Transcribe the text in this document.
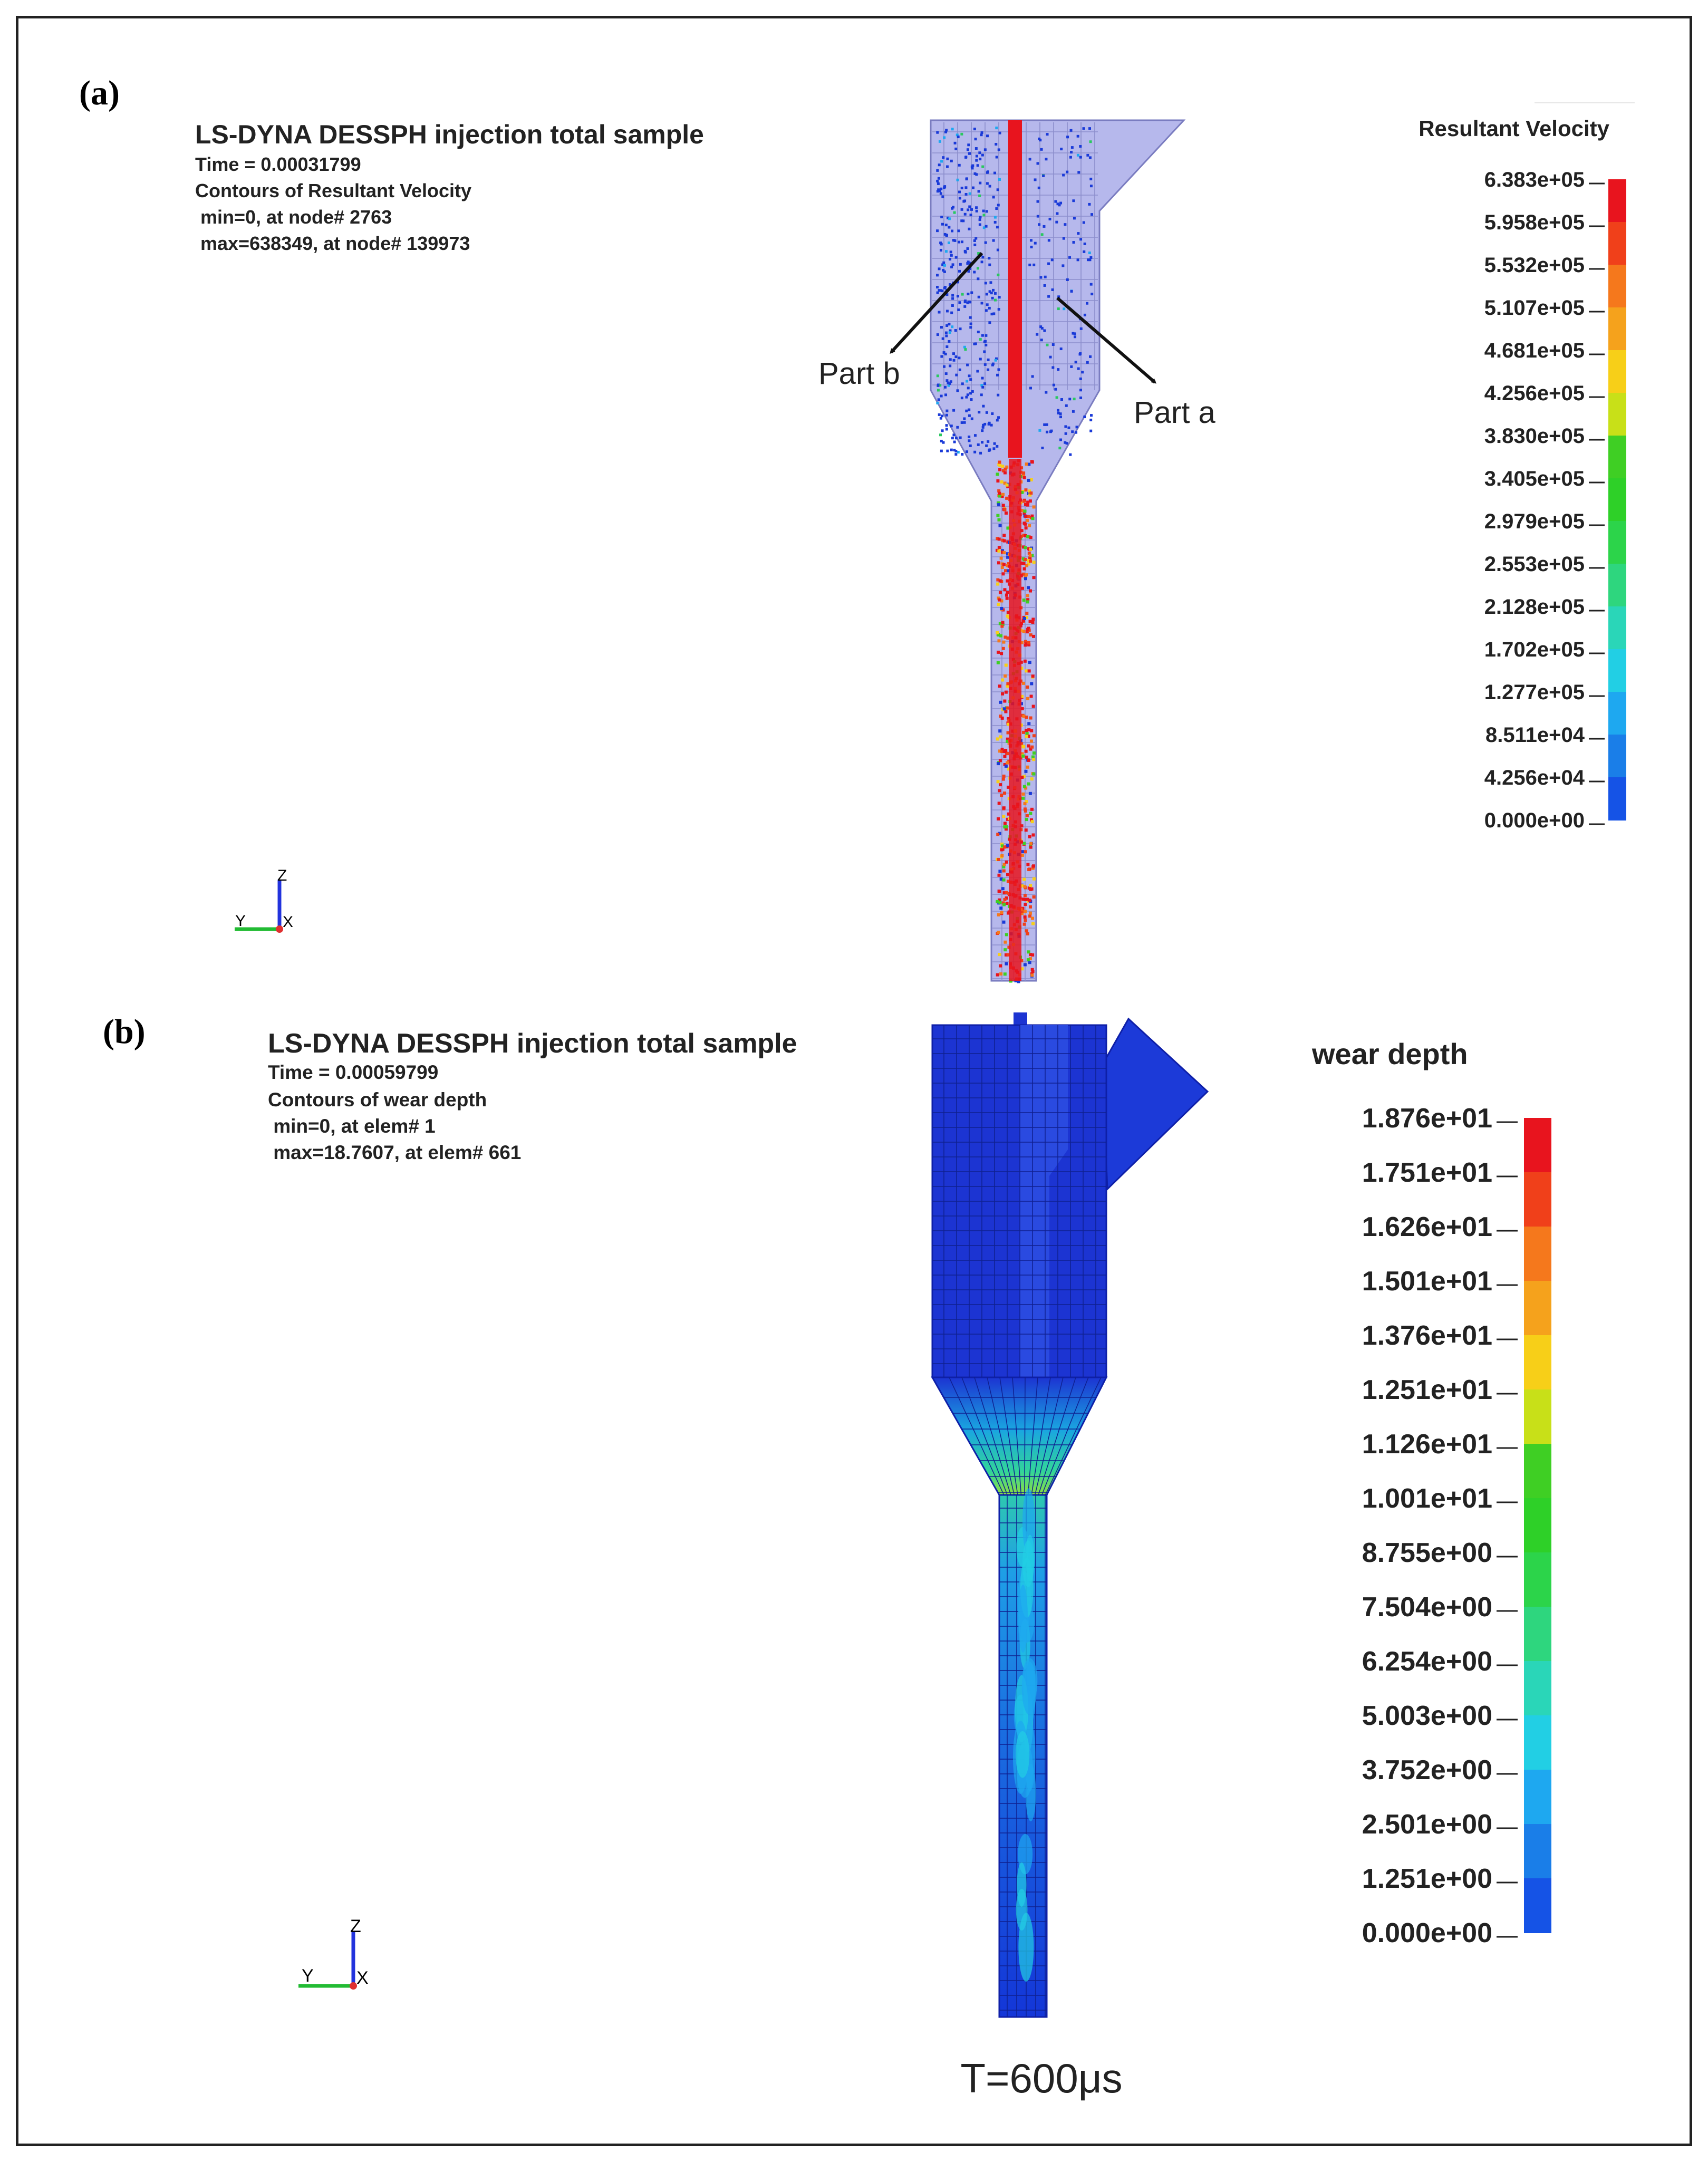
(a)
LS-DYNA DESSPH injection total sample
Time = 0.00031799
Contours of Resultant Velocity
min=0, at node# 2763
max=638349, at node# 139973
Part b
Part a
Z
Y X
Resultant Velocity
6.383e+05
5.958e+05
5.532e+05
5.107e+05
4.681e+05
4.256e+05
3.830e+05
3.405e+05
2.979e+05
2.553e+05
2.128e+05
1.702e+05
1.277e+05
8.511e+04
4.256e+04
0.000e+00
(b)	LS-DYNA DESSPH injection total sample
Time = 0.00059799
Contours of wear depth
min=0, at elem# 1
max=18.7607, at elem# 661
Z
Y X
wear depth
1.876e+01
1.751e+01
1.626e+01
1.501e+01
1.376e+01
1.251e+01
1.126e+01
1.001e+01
8.755e+00
7.504e+00
6.254e+00
5.003e+00
3.752e+00
2.501e+00
1.251e+00
0.000e+00
T=600μs
